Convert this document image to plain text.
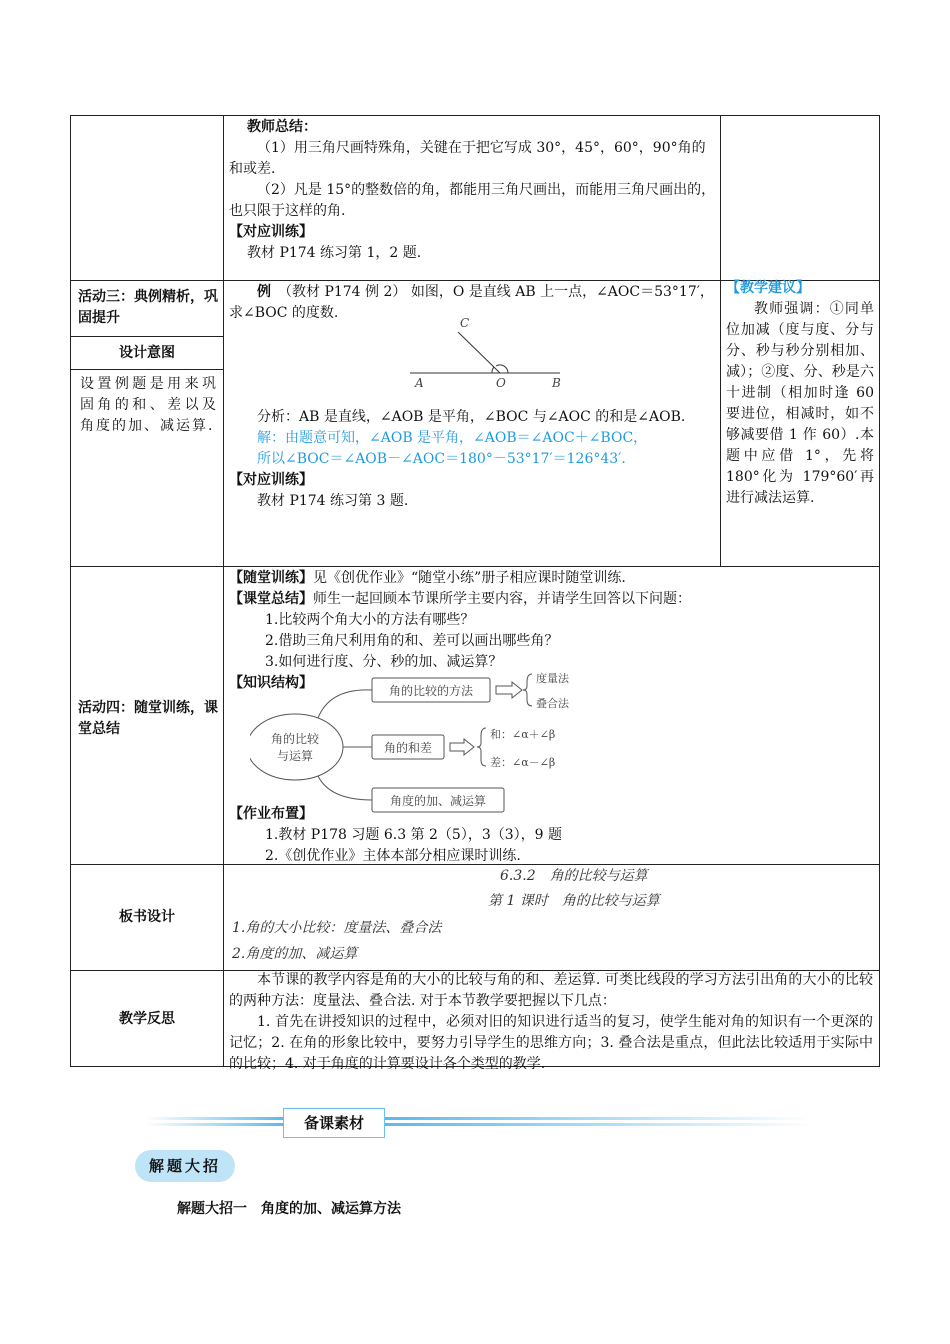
教师总结：

（1）用三角尺画特殊角，关键在于把它写成 30°，45°，60°，90°角的和或差.

（2）凡是 15°的整数倍的角，都能用三角尺画出，而能用三角尺画出的，也只限于这样的角.

【对应训练】

教材 P174 练习第 1，2 题.

活动三：典例精析，巩固提升
设计意图
设置例题是用来巩固角的和、差以及角度的加、减运算.

例　 （教材 P174 例 2） 如图，O 是直线 AB 上一点，∠AOC＝53°17′，求∠BOC 的度数.

C
A	O	B

分析：AB 是直线，∠AOB 是平角，∠BOC 与∠AOC 的和是∠AOB.

解：由题意可知，∠AOB 是平角，∠AOB＝∠AOC＋∠BOC，

所以∠BOC＝∠AOB－∠AOC＝180°－53°17′＝126°43′.

【对应训练】

教材 P174 练习第 3 题.

【教学建议】

教师强调：①同单位加减（度与度、分与分、秒与秒分别相加、减）；②度、分、秒是六十进制（相加时逢 60 要进位，相减时，如不够减要借 1 作 60）.本题中应借 1°，先将 180°化为 179°60′再进行减法运算.

活动四：随堂训练，课堂总结

【随堂训练】见《创优作业》“随堂小练”册子相应课时随堂训练.

【课堂总结】师生一起回顾本节课所学主要内容，并请学生回答以下问题：

1.比较两个角大小的方法有哪些？

2.借助三角尺利用角的和、差可以画出哪些角？

3.如何进行度、分、秒的加、减运算？

【知识结构】

角的比较
与运算
角的比较的方法
度量法
叠合法
角的和差
和：∠α＋∠β
差：∠α－∠β
角度的加、减运算

【作业布置】

1.教材 P178 习题 6.3 第 2（5），3（3），9 题

2.《创优作业》主体本部分相应课时训练.

板书设计
6.3.2　角的比较与运算
第 1 课时　角的比较与运算
1.角的大小比较：度量法、叠合法
2.角度的加、减运算
教学反思

本节课的教学内容是角的大小的比较与角的和、差运算. 可类比线段的学习方法引出角的大小的比较的两种方法：度量法、叠合法. 对于本节教学要把握以下几点：

1. 首先在讲授知识的过程中，必须对旧的知识进行适当的复习，使学生能对角的知识有一个更深的记忆；2. 在角的形象比较中，要努力引导学生的思维方向；3. 叠合法是重点，但此法比较适用于实际中的比较；4. 对于角度的计算要设计各个类型的教学.

备课素材
解题大招
解题大招一　角度的加、减运算方法
